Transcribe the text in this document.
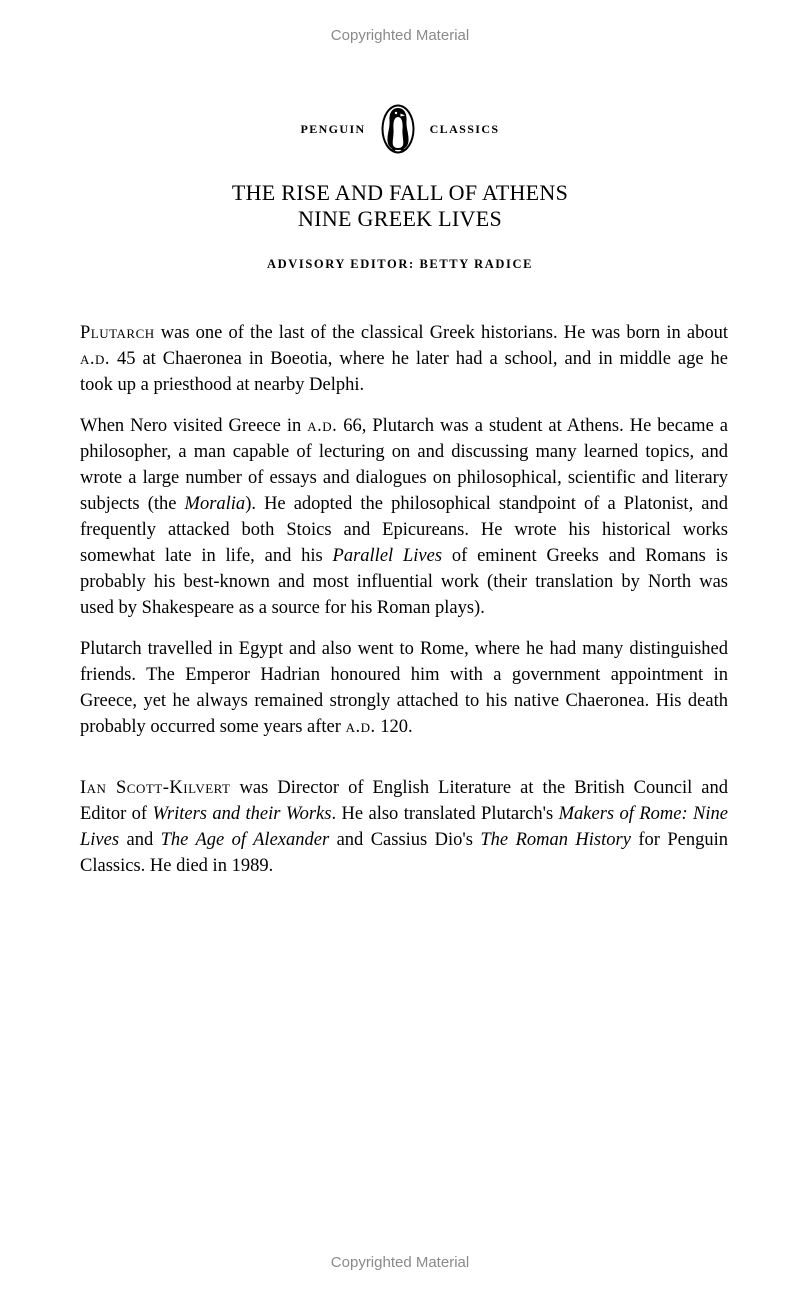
Copyrighted Material
PENGUIN	CLASSICS
THE RISE AND FALL OF ATHENS
NINE GREEK LIVES
ADVISORY EDITOR: BETTY RADICE

Plutarch was one of the last of the classical Greek historians. He was born in about a.d. 45 at Chaeronea in Boeotia, where he later had a school, and in middle age he took up a priesthood at nearby Delphi.

When Nero visited Greece in a.d. 66, Plutarch was a student at Athens. He became a philosopher, a man capable of lecturing on and discussing many learned topics, and wrote a large number of essays and dialogues on philosophical, scientific and literary subjects (the Moralia). He adopted the philosophical standpoint of a Platonist, and frequently attacked both Stoics and Epicureans. He wrote his historical works somewhat late in life, and his Parallel Lives of eminent Greeks and Romans is probably his best-known and most influential work (their translation by North was used by Shakespeare as a source for his Roman plays).

Plutarch travelled in Egypt and also went to Rome, where he had many distinguished friends. The Emperor Hadrian honoured him with a government appointment in Greece, yet he always remained strongly attached to his native Chaeronea. His death probably occurred some years after a.d. 120.

Ian Scott-Kilvert was Director of English Literature at the British Council and Editor of Writers and their Works. He also translated Plutarch's Makers of Rome: Nine Lives and The Age of Alexander and Cassius Dio's The Roman History for Penguin Classics. He died in 1989.

Copyrighted Material
